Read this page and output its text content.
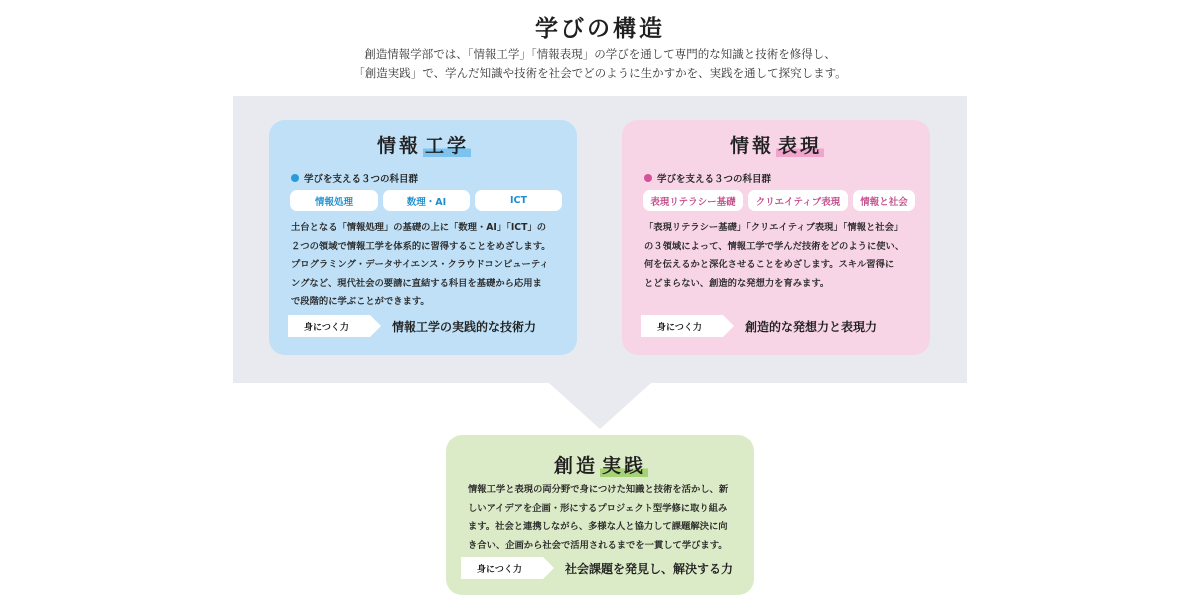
学びの構造
創造情報学部では、「情報工学」「情報表現」の学びを通して専門的な知識と技術を修得し、
「創造実践」で、学んだ知識や技術を社会でどのように生かすかを、実践を通して探究します。
情報 工学
学びを支える３つの科目群
情報処理	数理・AI	ICT
土台となる「情報処理」の基礎の上に「数理・AI」「ICT」の
２つの領域で情報工学を体系的に習得することをめざします。
プログラミング・データサイエンス・クラウドコンピューティ
ングなど、現代社会の要請に直結する科目を基礎から応用ま
で段階的に学ぶことができます。
身につく力	情報工学の実践的な技術力
情報 表現
学びを支える３つの科目群
表現リテラシー基礎	クリエイティブ表現	情報と社会
「表現リテラシー基礎」「クリエイティブ表現」「情報と社会」
の３領域によって、情報工学で学んだ技術をどのように使い、
何を伝えるかと深化させることをめざします。スキル習得に
とどまらない、創造的な発想力を育みます。
身につく力	創造的な発想力と表現力
創造 実践
情報工学と表現の両分野で身につけた知識と技術を活かし、新
しいアイデアを企画・形にするプロジェクト型学修に取り組み
ます。社会と連携しながら、多様な人と協力して課題解決に向
き合い、企画から社会で活用されるまでを一貫して学びます。
身につく力	社会課題を発見し、解決する力
